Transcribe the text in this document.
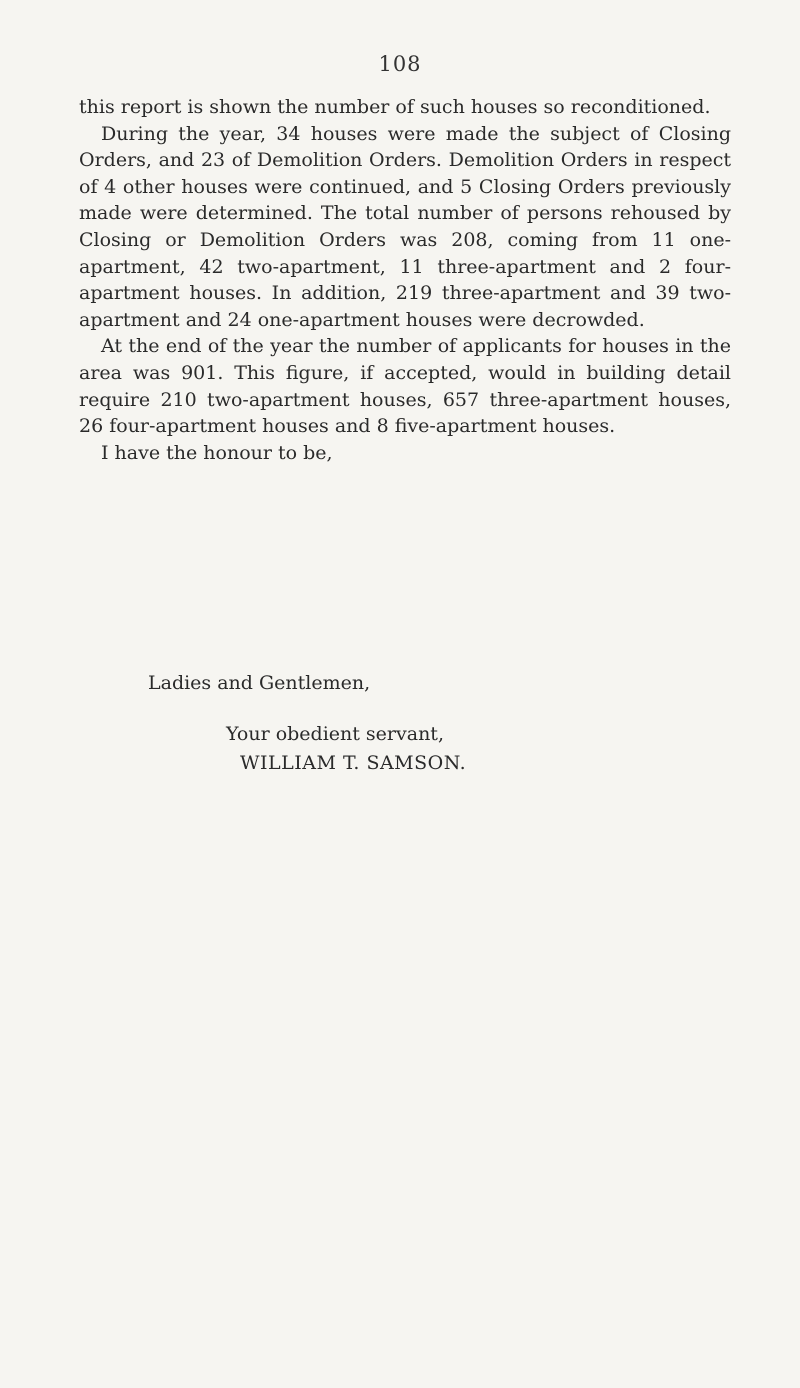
108

this report is shown the number of such houses so reconditioned.

During the year, 34 houses were made the subject of Closing Orders, and 23 of Demolition Orders. Demolition Orders in respect of 4 other houses were continued, and 5 Closing Orders previously made were determined. The total number of persons rehoused by Closing or Demolition Orders was 208, coming from 11 one-apartment, 42 two-apartment, 11 three-apartment and 2 four-apartment houses. In addition, 219 three-apartment and 39 two-apartment and 24 one-apartment houses were decrowded.

At the end of the year the number of applicants for houses in the area was 901. This figure, if accepted, would in building detail require 210 two-apartment houses, 657 three-apartment houses, 26 four-apartment houses and 8 five-apartment houses.

I have the honour to be,

Ladies and Gentlemen,
Your obedient servant,
WILLIAM T. SAMSON.
